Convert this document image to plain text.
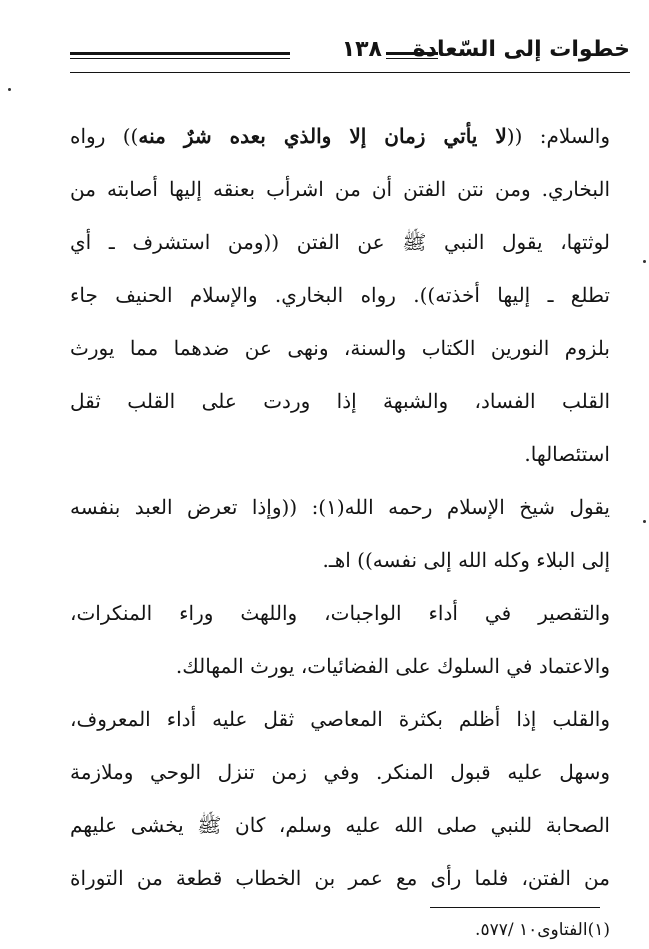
خطوات إلى السّعادة
١٣٨
والسلام: ((لا يأتي زمان إلا والذي بعده شرٌ منه)) رواه
البخاري. ومن نتن الفتن أن من اشرأب بعنقه إليها أصابته من
لوثتها، يقول النبي ﷺ عن الفتن ((ومن استشرف ـ أي
تطلع ـ إليها أخذته)). رواه البخاري. والإسلام الحنيف جاء
بلزوم النورين الكتاب والسنة، ونهى عن ضدهما مما يورث
القلب الفساد، والشبهة إذا وردت على القلب ثقل
استئصالها.
يقول شيخ الإسلام رحمه الله(١): ((وإذا تعرض العبد بنفسه
إلى البلاء وكله الله إلى نفسه)) اهـ.
والتقصير في أداء الواجبات، واللهث وراء المنكرات،
والاعتماد في السلوك على الفضائيات، يورث المهالك.
والقلب إذا أظلم بكثرة المعاصي ثقل عليه أداء المعروف،
وسهل عليه قبول المنكر. وفي زمن تنزل الوحي وملازمة
الصحابة للنبي صلى الله عليه وسلم، كان ﷺ يخشى عليهم
من الفتن، فلما رأى مع عمر بن الخطاب قطعة من التوراة
(١)الفتاوى١٠ /٥٧٧.
